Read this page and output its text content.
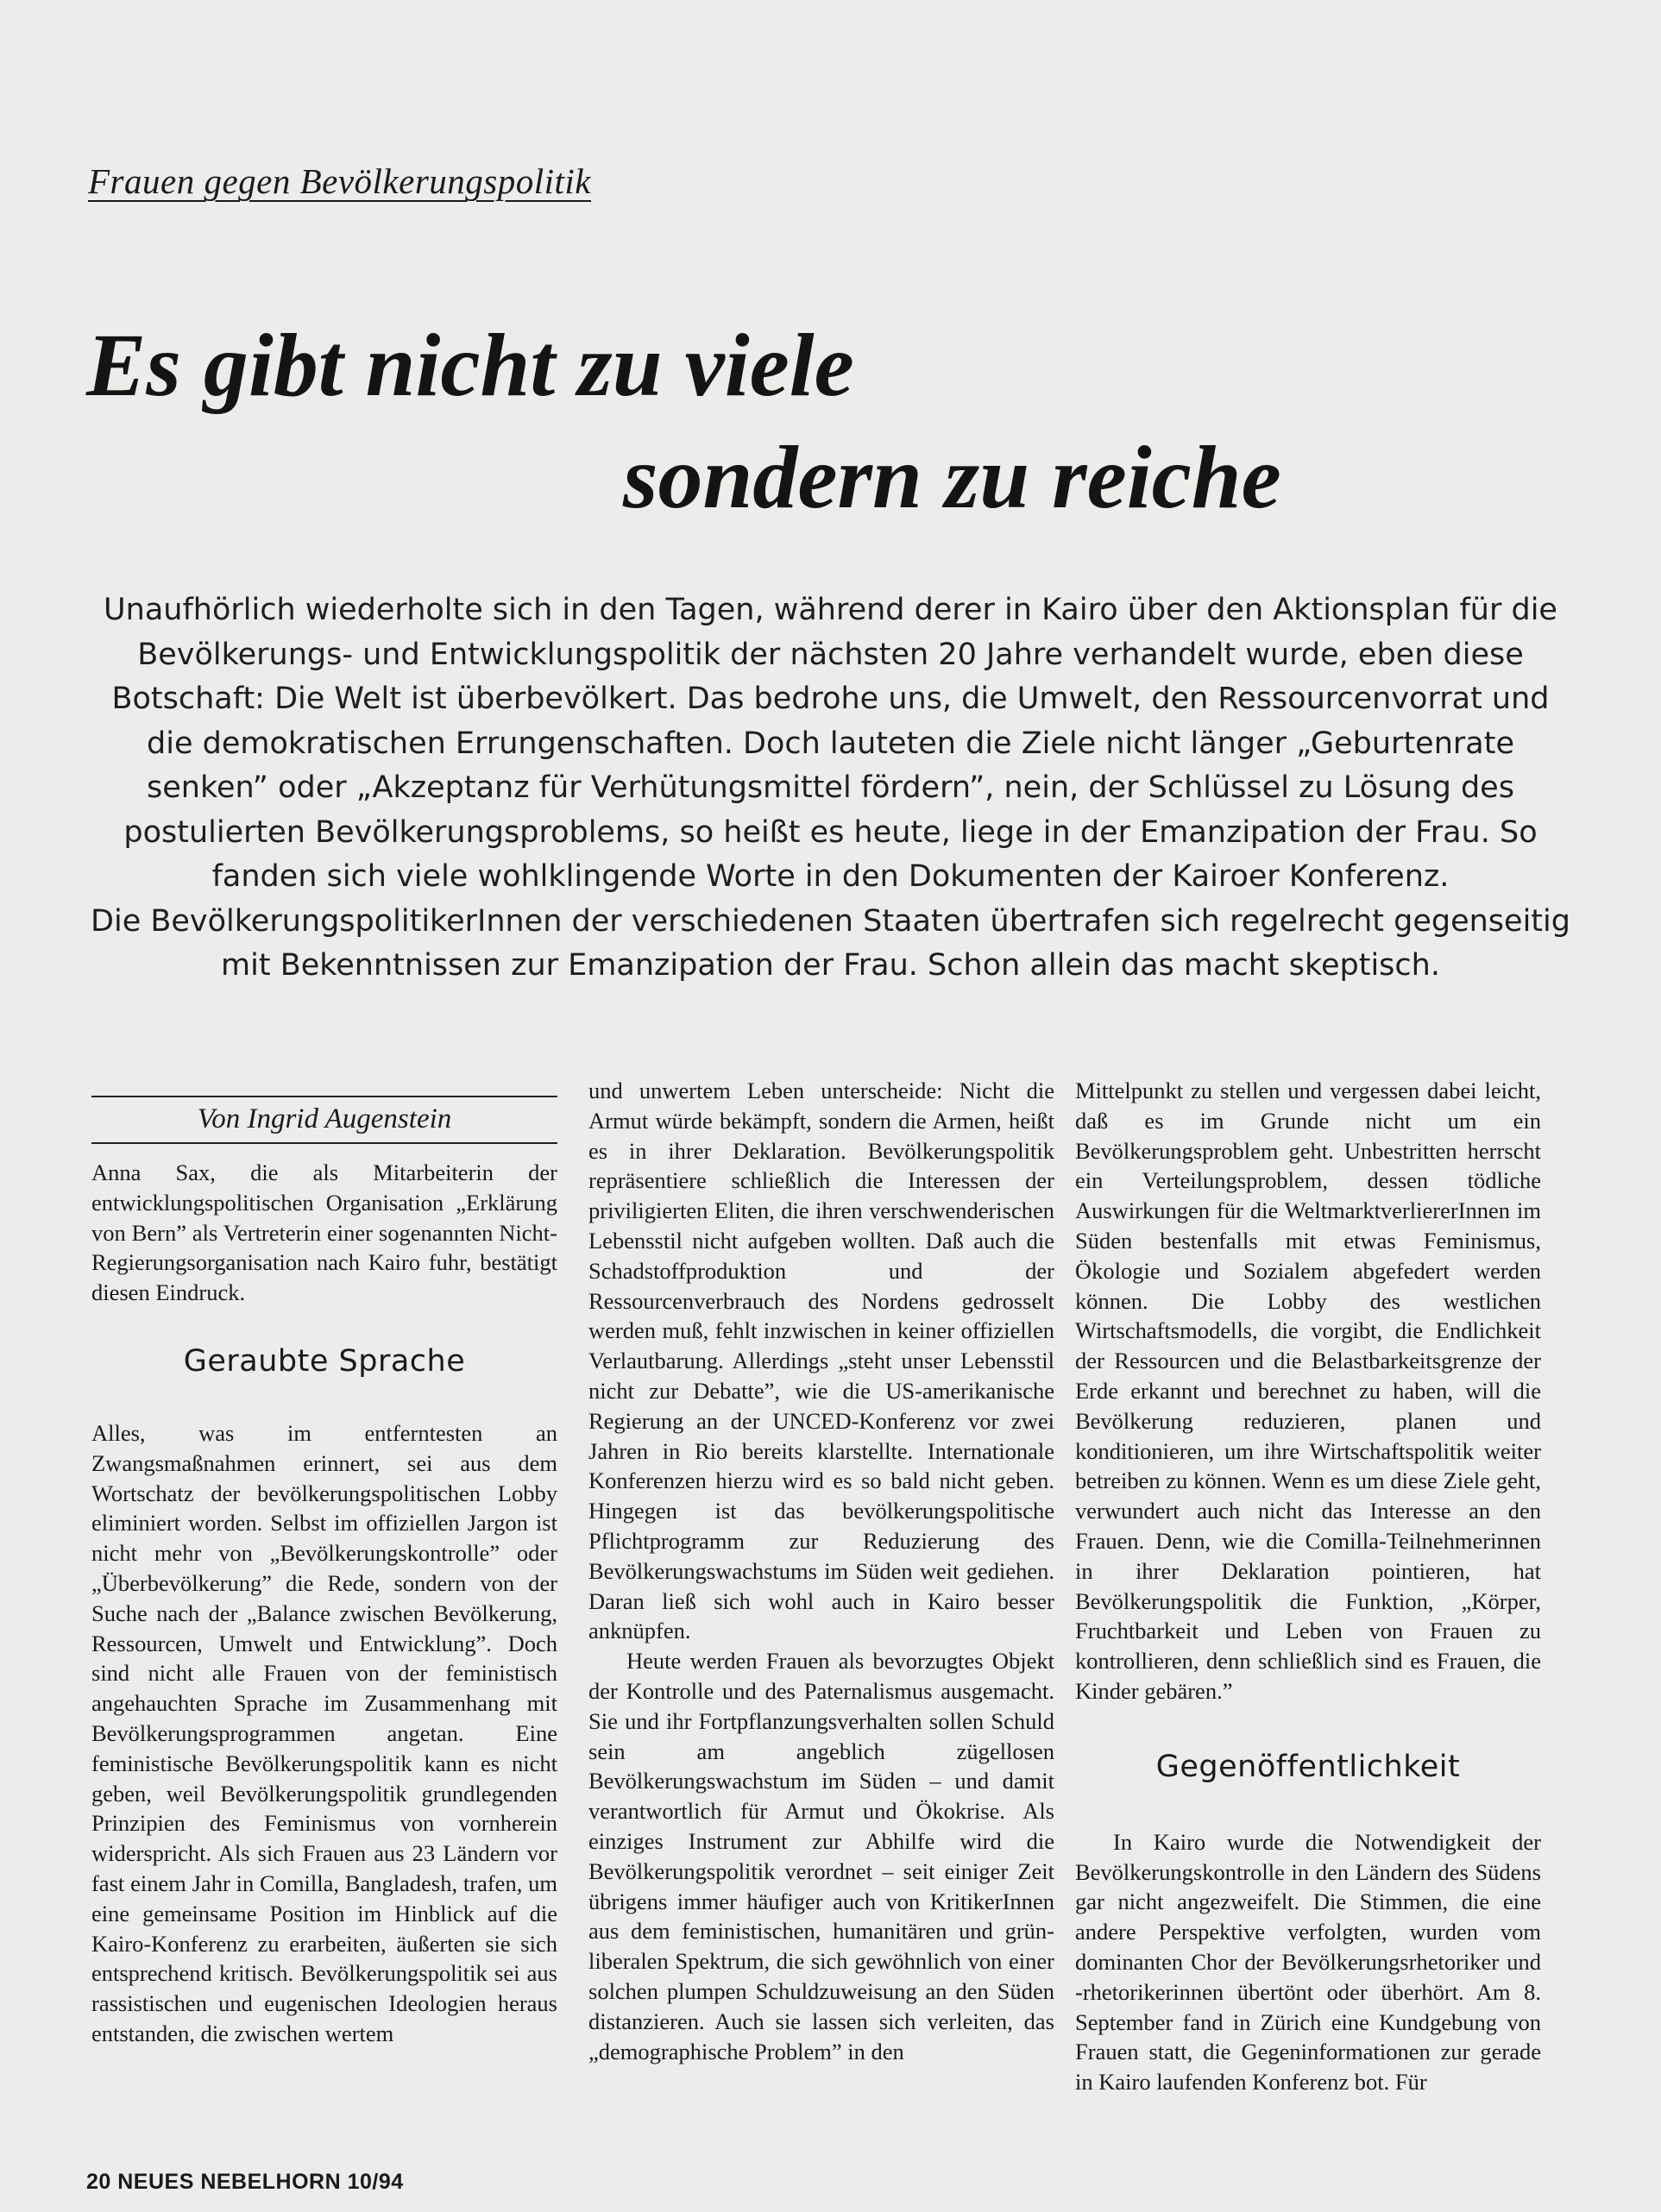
Frauen gegen Bevölkerungspolitik
Es gibt nicht zu viele
sondern zu reiche

Unaufhörlich wiederholte sich in den Tagen, während derer in Kairo über den Aktionsplan für die Bevölkerungs- und Entwicklungspolitik der nächsten 20 Jahre verhandelt wurde, eben diese Botschaft: Die Welt ist überbevölkert. Das bedrohe uns, die Umwelt, den Ressourcenvorrat und die demokratischen Errungenschaften. Doch lauteten die Ziele nicht länger „Geburtenrate senken” oder „Akzeptanz für Verhütungsmittel fördern”, nein, der Schlüssel zu Lösung des postulierten Bevölkerungsproblems, so heißt es heute, liege in der Emanzipation der Frau. So fanden sich viele wohlklingende Worte in den Dokumenten der Kairoer Konferenz.

Die BevölkerungspolitikerInnen der verschiedenen Staaten übertrafen sich regelrecht gegenseitig mit Bekenntnissen zur Emanzipation der Frau. Schon allein das macht skeptisch.

Von Ingrid Augenstein

Anna Sax, die als Mitarbeiterin der entwicklungspolitischen Organisation „Erklärung von Bern” als Vertreterin einer sogenannten Nicht-Regierungsorganisation nach Kairo fuhr, bestätigt diesen Eindruck.

Geraubte Sprache

Alles, was im entferntesten an Zwangsmaßnahmen erinnert, sei aus dem Wortschatz der bevölkerungspolitischen Lobby eliminiert worden. Selbst im offiziellen Jargon ist nicht mehr von „Bevölkerungskontrolle” oder „Überbevölkerung” die Rede, sondern von der Suche nach der „Balance zwischen Bevölkerung, Ressourcen, Umwelt und Entwicklung”. Doch sind nicht alle Frauen von der feministisch angehauchten Sprache im Zusammenhang mit Bevölkerungsprogrammen angetan. Eine feministische Bevölkerungspolitik kann es nicht geben, weil Bevölkerungspolitik grundlegenden Prinzipien des Feminismus von vornherein widerspricht. Als sich Frauen aus 23 Ländern vor fast einem Jahr in Comilla, Bangladesh, trafen, um eine gemeinsame Position im Hinblick auf die Kairo-Konferenz zu erarbeiten, äußerten sie sich entsprechend kritisch. Bevölkerungspolitik sei aus rassistischen und eugenischen Ideologien heraus entstanden, die zwischen wertem

und unwertem Leben unterscheide: Nicht die Armut würde bekämpft, sondern die Armen, heißt es in ihrer Deklaration. Bevölkerungspolitik repräsentiere schließlich die Interessen der priviligierten Eliten, die ihren verschwenderischen Lebensstil nicht aufgeben wollten. Daß auch die Schadstoffproduktion und der Ressourcenverbrauch des Nordens gedrosselt werden muß, fehlt inzwischen in keiner offiziellen Verlautbarung. Allerdings „steht unser Lebensstil nicht zur Debatte”, wie die US-amerikanische Regierung an der UNCED-Konferenz vor zwei Jahren in Rio bereits klarstellte. Internationale Konferenzen hierzu wird es so bald nicht geben. Hingegen ist das bevölkerungspolitische Pflichtprogramm zur Reduzierung des Bevölkerungswachstums im Süden weit gediehen. Daran ließ sich wohl auch in Kairo besser anknüpfen.

Heute werden Frauen als bevorzugtes Objekt der Kontrolle und des Paternalismus ausgemacht. Sie und ihr Fortpflanzungsverhalten sollen Schuld sein am angeblich zügellosen Bevölkerungswachstum im Süden – und damit verantwortlich für Armut und Ökokrise. Als einziges Instrument zur Abhilfe wird die Bevölkerungspolitik verordnet – seit einiger Zeit übrigens immer häufiger auch von KritikerInnen aus dem feministischen, humanitären und grün-liberalen Spektrum, die sich gewöhnlich von einer solchen plumpen Schuldzuweisung an den Süden distanzieren. Auch sie lassen sich verleiten, das „demographische Problem” in den

Mittelpunkt zu stellen und vergessen dabei leicht, daß es im Grunde nicht um ein Bevölkerungsproblem geht. Unbestritten herrscht ein Verteilungsproblem, dessen tödliche Auswirkungen für die WeltmarktverliererInnen im Süden bestenfalls mit etwas Feminismus, Ökologie und Sozialem abgefedert werden können. Die Lobby des westlichen Wirtschaftsmodells, die vorgibt, die Endlichkeit der Ressourcen und die Belastbarkeitsgrenze der Erde erkannt und berechnet zu haben, will die Bevölkerung reduzieren, planen und konditionieren, um ihre Wirtschaftspolitik weiter betreiben zu können. Wenn es um diese Ziele geht, verwundert auch nicht das Interesse an den Frauen. Denn, wie die Comilla-Teilnehmerinnen in ihrer Deklaration pointieren, hat Bevölkerungspolitik die Funktion, „Körper, Fruchtbarkeit und Leben von Frauen zu kontrollieren, denn schließlich sind es Frauen, die Kinder gebären.”

Gegenöffentlichkeit

In Kairo wurde die Notwendigkeit der Bevölkerungskontrolle in den Ländern des Südens gar nicht angezweifelt. Die Stimmen, die eine andere Perspektive verfolgten, wurden vom dominanten Chor der Bevölkerungsrhetoriker und -rhetorikerinnen übertönt oder überhört. Am 8. September fand in Zürich eine Kundgebung von Frauen statt, die Gegeninformationen zur gerade in Kairo laufenden Konferenz bot. Für

20 NEUES NEBELHORN 10/94
